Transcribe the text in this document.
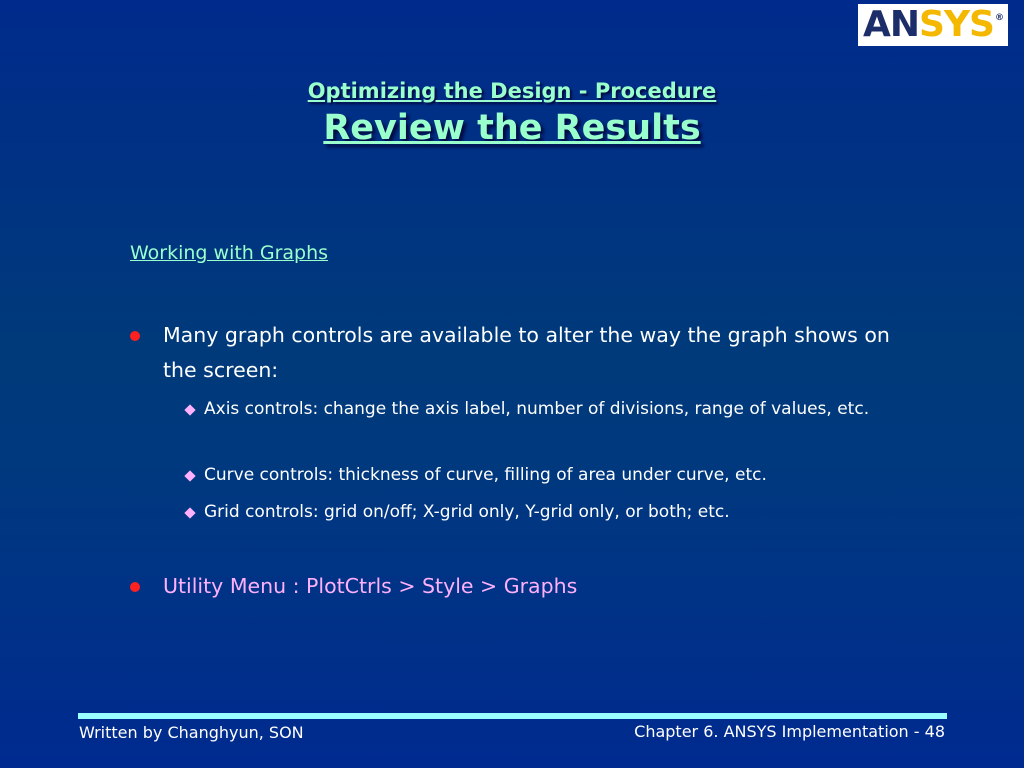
AN SYS ®
Optimizing the Design - Procedure
Review the Results
Working with Graphs
Many graph controls are available to alter the way the graph shows on the screen:
Axis controls: change the axis label, number of divisions, range of values, etc.
Curve controls: thickness of curve, filling of area under curve, etc.
Grid controls: grid on/off; X-grid only, Y-grid only, or both; etc.
Utility Menu : PlotCtrls > Style > Graphs
Written by Changhyun, SON	Chapter 6. ANSYS Implementation - 48
